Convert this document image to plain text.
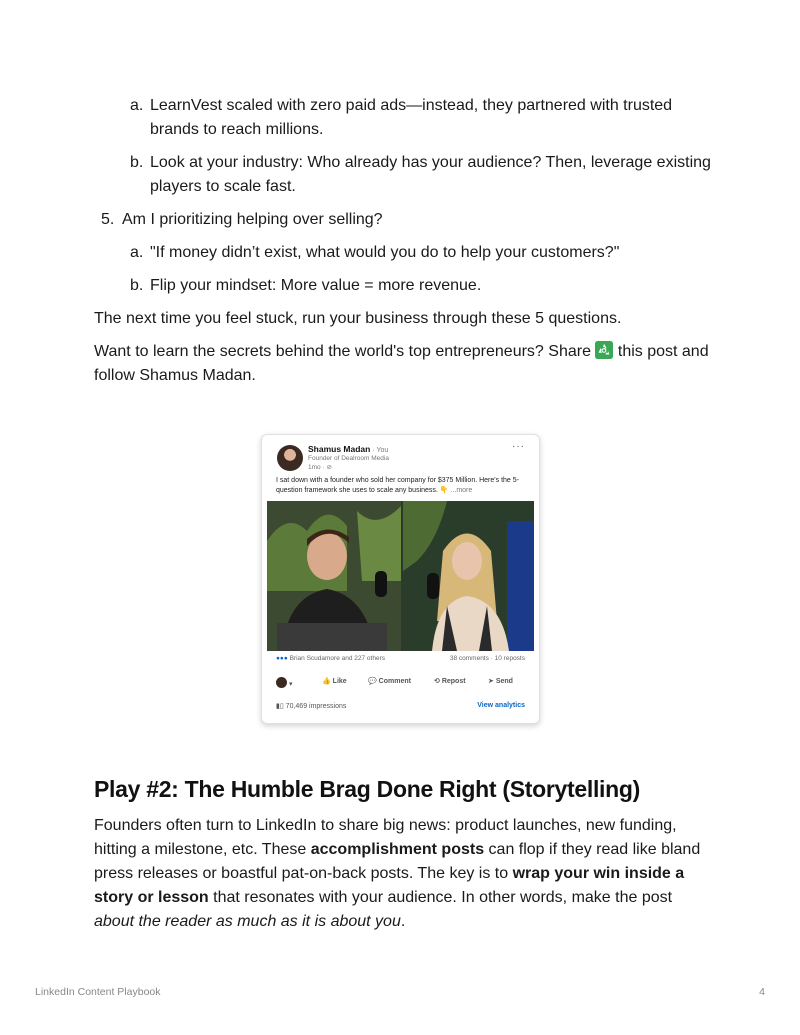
a. LearnVest scaled with zero paid ads—instead, they partnered with trusted brands to reach millions.
b. Look at your industry: Who already has your audience? Then, leverage existing players to scale fast.
5. Am I prioritizing helping over selling?
a. "If money didn’t exist, what would you do to help your customers?"
b. Flip your mindset: More value = more revenue.

The next time you feel stuck, run your business through these 5 questions.

Want to learn the secrets behind the world's top entrepreneurs? Share  this post and follow Shamus Madan.

Shamus Madan · You
Founder of Dealroom Media
1mo · ⊘
···
I sat down with a founder who sold her company for $375 Million. Here's the 5-question framework she uses to scale any business. 👇 ...more
●●● Brian Scudamore and 227 others	38 comments · 10 reposts
▾	👍 Like	💬 Comment	⟲ Repost	➤ Send
▮▯ 70,469 impressions	View analytics
Play #2: The Humble Brag Done Right (Storytelling)

Founders often turn to LinkedIn to share big news: product launches, new funding, hitting a milestone, etc. These accomplishment posts can flop if they read like bland press releases or boastful pat-on-back posts. The key is to wrap your win inside a story or lesson that resonates with your audience. In other words, make the post about the reader as much as it is about you.

LinkedIn Content Playbook	4
